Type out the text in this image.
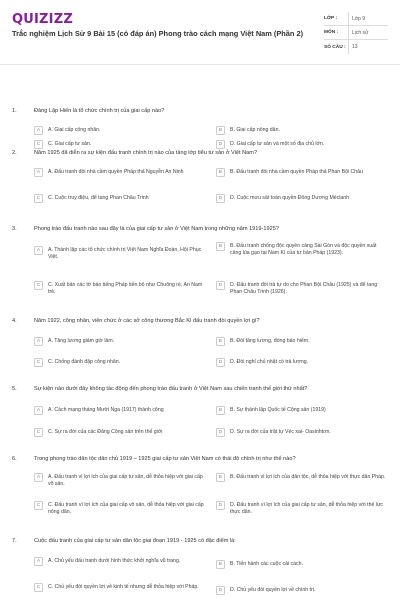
QUIZIZZ
Trắc nghiệm Lịch Sử 9 Bài 15 (có đáp án) Phong trào cách mạng Việt Nam (Phần 2)
LỚP :	Lớp 9
MÔN :	Lịch sử
SỐ CÂU :	13
1.	Đảng Lập Hiến là tổ chức chính trị của giai cấp nào?
A	A. Giai cấp công nhân.	B	B. Giai cấp nông dân.
C	C. Giai cấp tư sản.	D	D. Giai cấp tư sản và một số địa chủ lớn.
2.	Năm 1925 đã diễn ra sự kiện đấu tranh chính trị nào của tầng lớp tiểu tư sản ở Việt Nam?
A	A. Đấu tranh đòi nhà cầm quyền Pháp thả Nguyễn An Ninh	B	B. Đấu tranh đòi nhà cầm quyền Pháp thả Phan Bội Châu
C	C. Cuộc truy điệu, để tang Phan Châu Trinh	D	D. Cuộc mưu sát toàn quyền Đông Dương Méclanh
3.	Phong trào đấu tranh nào sau đây là của giai cấp tư sản ở Việt Nam trong những năm 1919-1925?
A	A. Thành lập các tổ chức chính trị Việt Nam Nghĩa Đoàn, Hội Phục Việt.
B	B. Đấu tranh chống độc quyền cảng Sài Gòn và độc quyền xuất cảng lúa gạo tại Nam Kì của tư bản Pháp (1923).
C	C. Xuất bản các tờ báo tiếng Pháp tiến bộ như Chuông rè, An Nam trẻ.
D	D. Đấu tranh đòi trả tự do cho Phan Bội Châu (1925) và để tang Phan Châu Trinh (1926).
4.	Năm 1922, công nhân, viên chức ở các sở công thương Bắc Kì đấu tranh đòi quyền lợi gì?
A	A. Tăng lương giảm giờ làm.	B	B. Đòi tăng lương, đóng bảo hiểm.
C	C. Chống đánh đập công nhân.	D	D. Đòi nghỉ chủ nhật có trả lương.
5.	Sự kiện nào dưới đây không tác động đến phong trào đấu tranh ở Việt Nam sau chiến tranh thế giới thứ nhất?
A	A. Cách mạng tháng Mười Nga (1917) thành công	B	B. Sự thành lập Quốc tế Cộng sản (1919)
C	C. Sự ra đời của các Đảng Cộng sản trên thế giới	D	D. Sự ra đời của trật tự Véc xai- Oasinhtơn.
6.	Trong phong trào dân tộc dân chủ 1919 – 1925 giai cấp tư sản Việt Nam có thái độ chính trị như thế nào?
A	A. Đấu tranh vì lợi ích của giai cấp tư sản, dễ thỏa hiệp với giai cấp vô sản.
B	B. Đấu tranh vì lợi ích của dân tộc, dễ thỏa hiệp với thực dân Pháp.
C	C. Đấu tranh vì lợi ích của giai cấp vô sản, dễ thỏa hiệp với giai cấp nông dân.
D	D. Đấu tranh vì lợi ích của giai cấp tư sản, dễ thỏa hiệp với thế lực thực dân.
7.	Cuộc đấu tranh của giai cấp tư sản dân tộc giai đoạn 1919 - 1925 có đặc điểm là:
A	A. Chủ yếu đấu tranh dưới hình thức khởi nghĩa vũ trang.
B	B. Tiến hành các cuộc cải cách.
C	C. Chủ yếu đòi quyền lợi về kinh tế nhưng dễ thỏa hiệp với Pháp.
D	D. Chủ yếu đòi quyền lợi về chính trị.
